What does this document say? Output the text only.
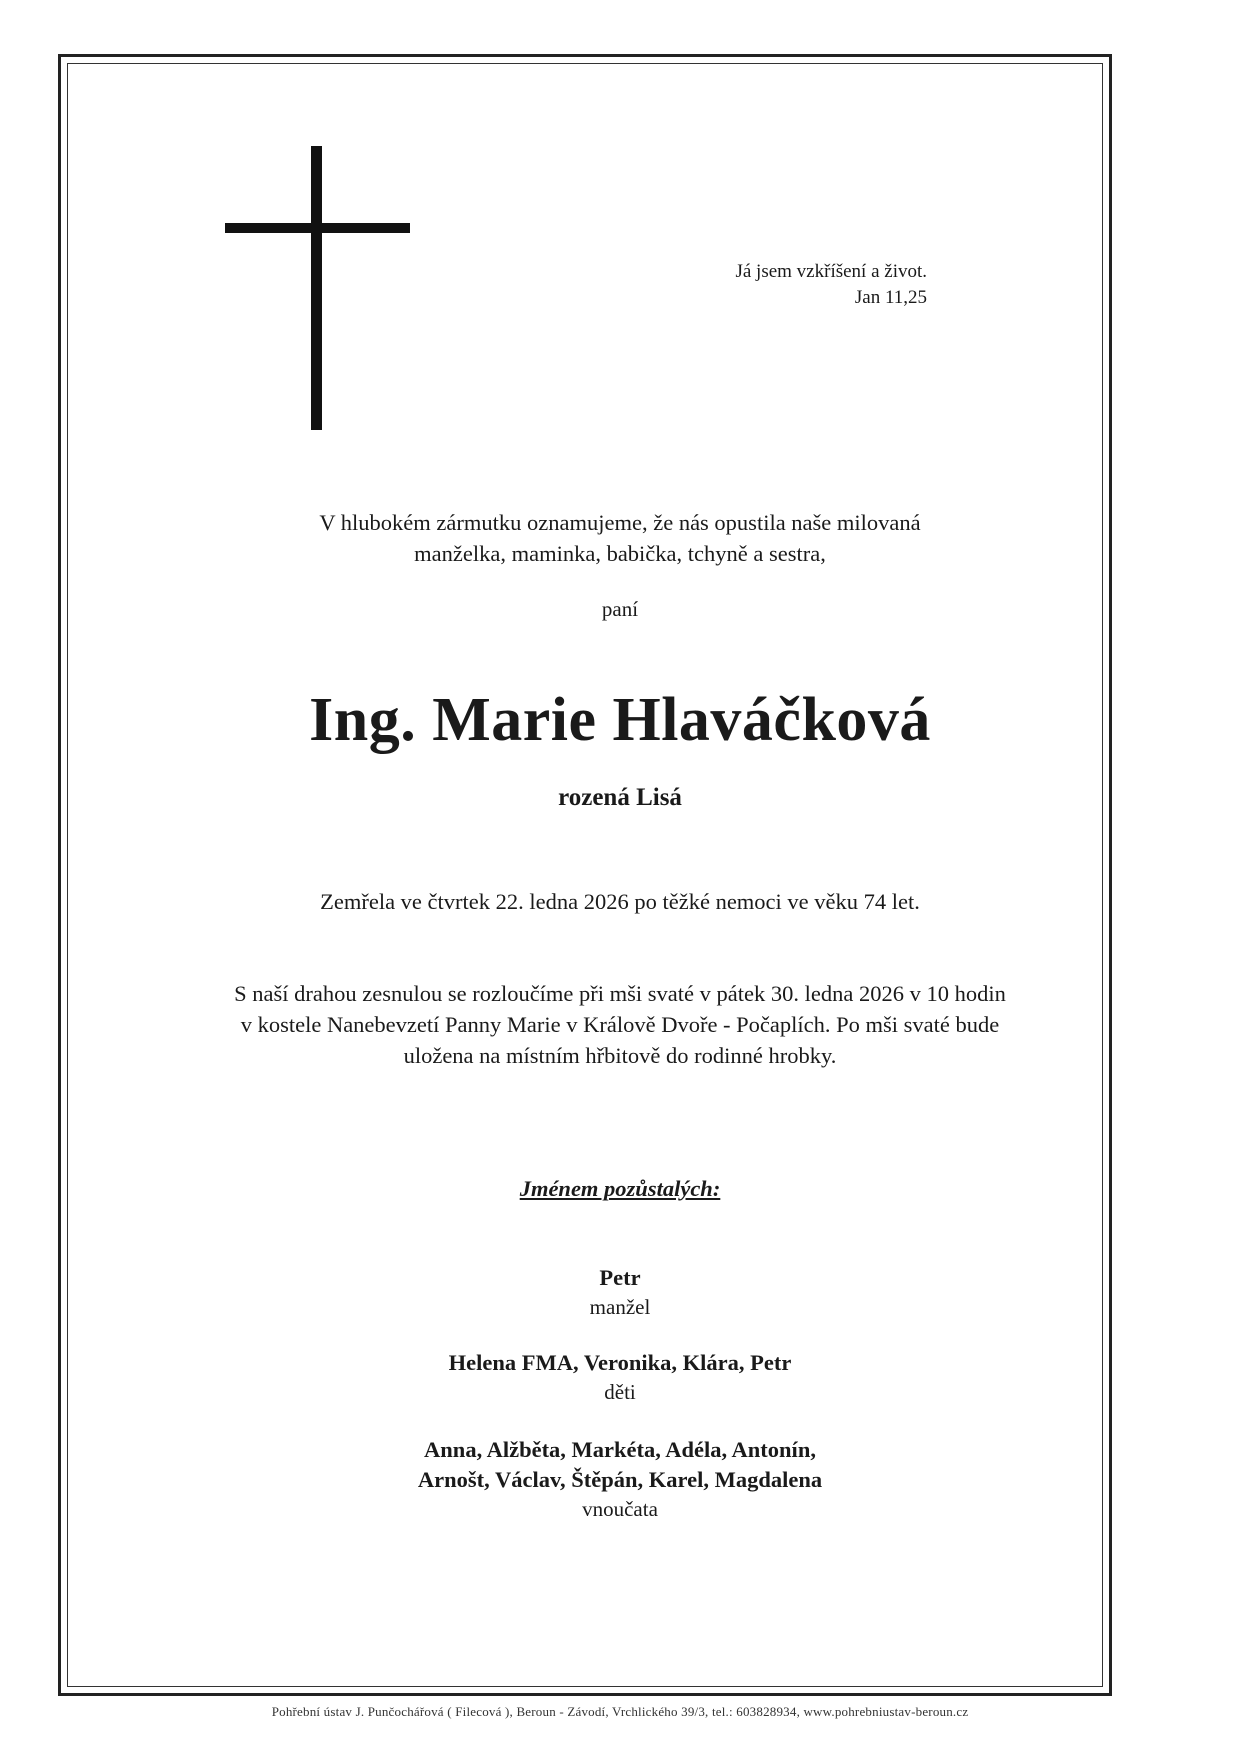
Já jsem vzkříšení a život.
Jan 11,25
V hlubokém zármutku oznamujeme, že nás opustila naše milovaná
manželka, maminka, babička, tchyně a sestra,
paní
Ing. Marie Hlaváčková
rozená Lisá
Zemřela ve čtvrtek 22. ledna 2026 po těžké nemoci ve věku 74 let.
S naší drahou zesnulou se rozloučíme při mši svaté v pátek 30. ledna 2026 v 10 hodin
v kostele Nanebevzetí Panny Marie v Králově Dvoře - Počaplích. Po mši svaté bude
uložena na místním hřbitově do rodinné hrobky.
Jménem pozůstalých:
Petr
manžel
Helena FMA, Veronika, Klára, Petr
děti
Anna, Alžběta, Markéta, Adéla, Antonín,
Arnošt, Václav, Štěpán, Karel, Magdalena
vnoučata
Pohřební ústav J. Punčochářová ( Filecová ), Beroun - Závodí, Vrchlického 39/3, tel.: 603828934, www.pohrebniustav-beroun.cz
